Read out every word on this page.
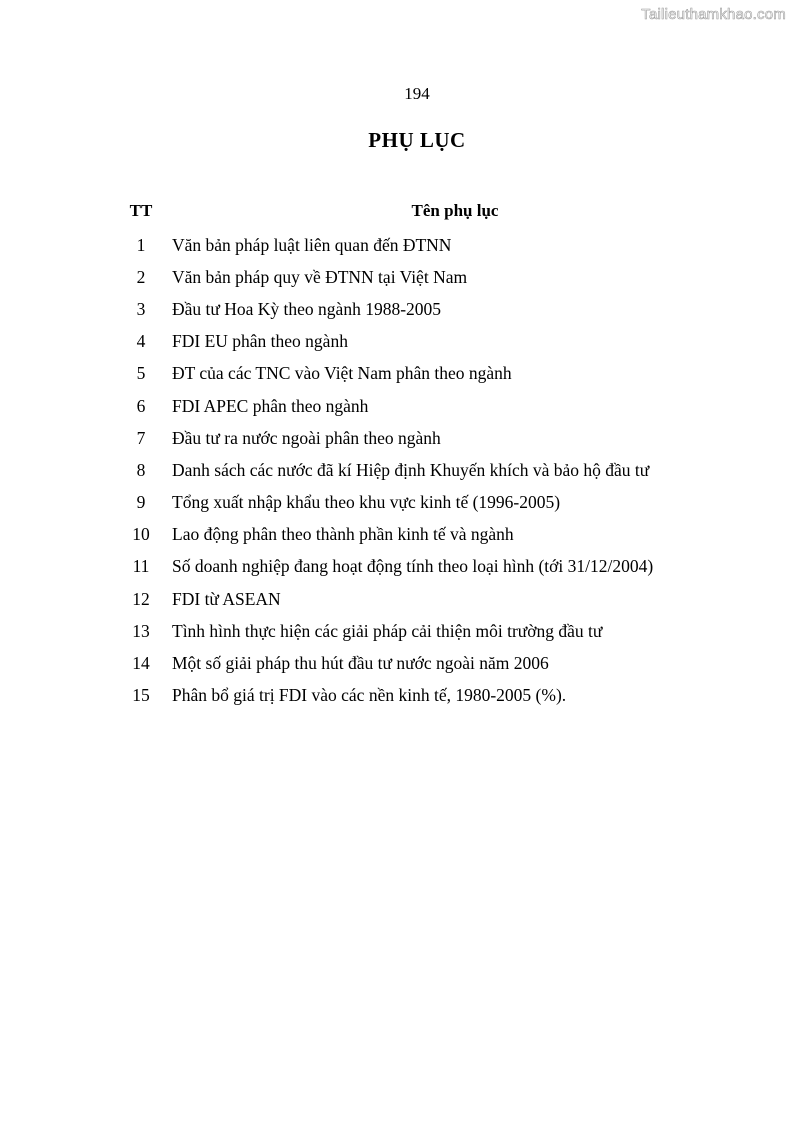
Tailieuthamkhao.com
194
PHỤ LỤC
TT	Tên phụ lục
1	Văn bản pháp luật liên quan đến ĐTNN
2	Văn bản pháp quy về ĐTNN tại Việt Nam
3	Đầu tư Hoa Kỳ theo ngành 1988-2005
4	FDI EU phân theo ngành
5	ĐT của các TNC vào Việt Nam phân theo ngành
6	FDI APEC phân theo ngành
7	Đầu tư ra nước ngoài phân theo ngành
8	Danh sách các nước đã kí Hiệp định Khuyến khích và bảo hộ đầu tư
9	Tổng xuất nhập khẩu theo khu vực kinh tế (1996-2005)
10	Lao động phân theo thành phần kinh tế và ngành
11	Số doanh nghiệp đang hoạt động tính theo loại hình (tới 31/12/2004)
12	FDI từ ASEAN
13	Tình hình thực hiện các giải pháp cải thiện môi trường đầu tư
14	Một số giải pháp thu hút đầu tư nước ngoài năm 2006
15	Phân bổ giá trị FDI vào các nền kinh tế, 1980-2005 (%).
